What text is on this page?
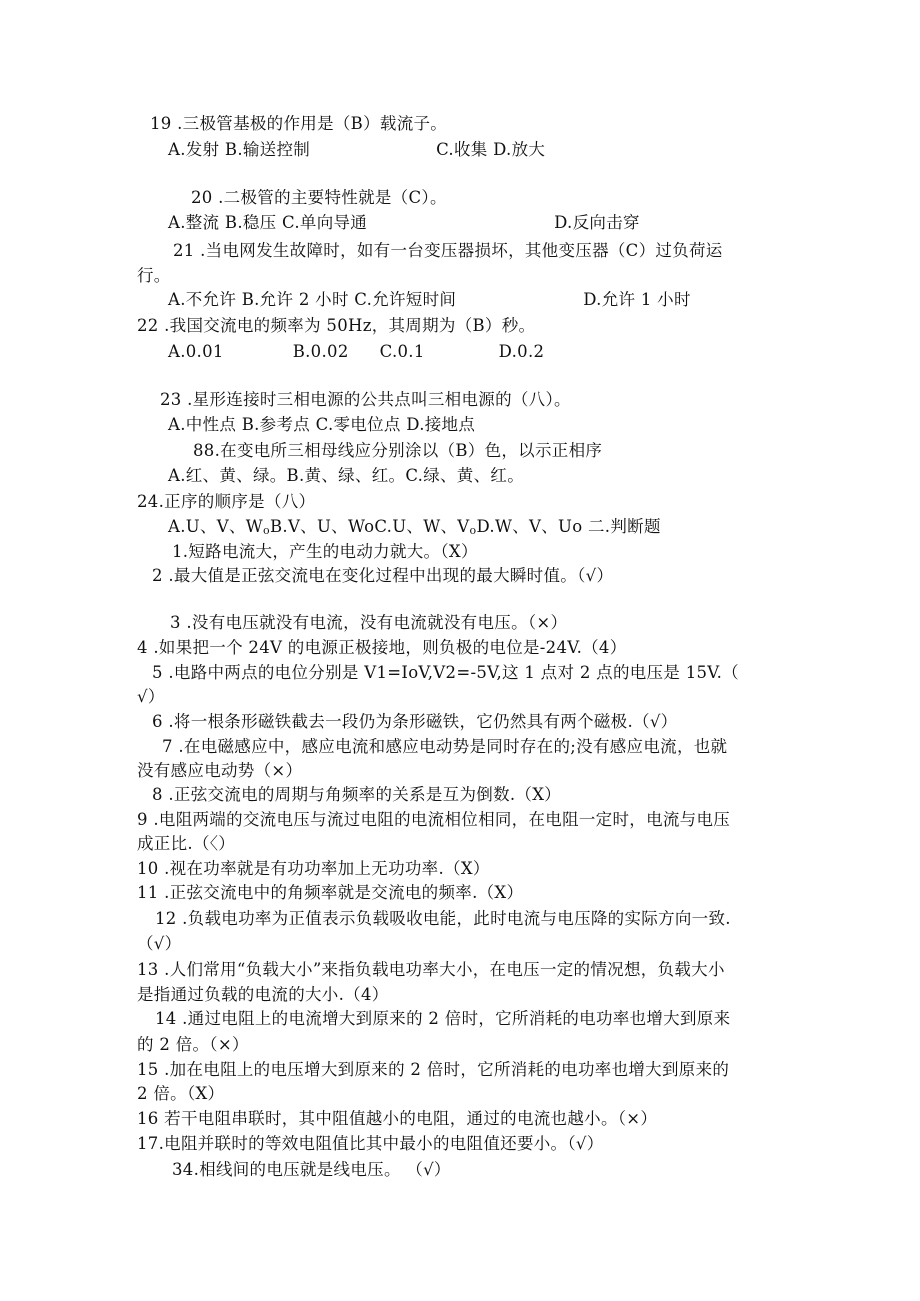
19 .三极管基极的作用是（B）载流子。
A.发射 B.输送控制	C.收集 D.放大
20 .二极管的主要特性就是（C）。
A.整流 B.稳压 C.单向导通	D.反向击穿
21 .当电网发生故障时，如有一台变压器损坏，其他变压器（C）过负荷运
行。
A.不允许 B.允许 2 小时 C.允许短时间	D.允许 1 小时
22 .我国交流电的频率为 50Hz，其周期为（B）秒。
A.0.01	B.0.02 C.0.1	D.0.2
23 .星形连接时三相电源的公共点叫三相电源的（八）。
A.中性点 B.参考点 C.零电位点 D.接地点
88.在变电所三相母线应分别涂以（B）色，以示正相序
A.红、黄、绿。B.黄、绿、红。C.绿、黄、红。
24.正序的顺序是（八）
A.U、V、$W_oB.V$、U、WoC.U、W、$V_oD.W$、V、Uo 二.判断题
1.短路电流大，产生的电动力就大。（X）
2 .最大值是正弦交流电在变化过程中出现的最大瞬时值。（√）
3 .没有电压就没有电流，没有电流就没有电压。（×）
4 .如果把一个 24V 的电源正极接地，则负极的电位是-24V.（4）
5 .电路中两点的电位分别是 V1=IoV,V2=-5V,这 1 点对 2 点的电压是 15V.（
√）
6 .将一根条形磁铁截去一段仍为条形磁铁，它仍然具有两个磁极.（√）
7 .在电磁感应中，感应电流和感应电动势是同时存在的;没有感应电流，也就
没有感应电动势（×）
8 .正弦交流电的周期与角频率的关系是互为倒数.（X）
9 .电阻两端的交流电压与流过电阻的电流相位相同，在电阻一定时，电流与电压
成正比.（〈）
10 .视在功率就是有功功率加上无功功率.（X）
11 .正弦交流电中的角频率就是交流电的频率.（X）
12 .负载电功率为正值表示负载吸收电能，此时电流与电压降的实际方向一致.
（√）
13 .人们常用“负载大小”来指负载电功率大小，在电压一定的情况想，负载大小
是指通过负载的电流的大小.（4）
14 .通过电阻上的电流增大到原来的 2 倍时，它所消耗的电功率也增大到原来
的 2 倍。（×）
15 .加在电阻上的电压增大到原来的 2 倍时，它所消耗的电功率也增大到原来的
2 倍。（X）
16 若干电阻串联时，其中阻值越小的电阻，通过的电流也越小。（×）
17.电阻并联时的等效电阻值比其中最小的电阻值还要小。（√）
34.相线间的电压就是线电压。 （√）
